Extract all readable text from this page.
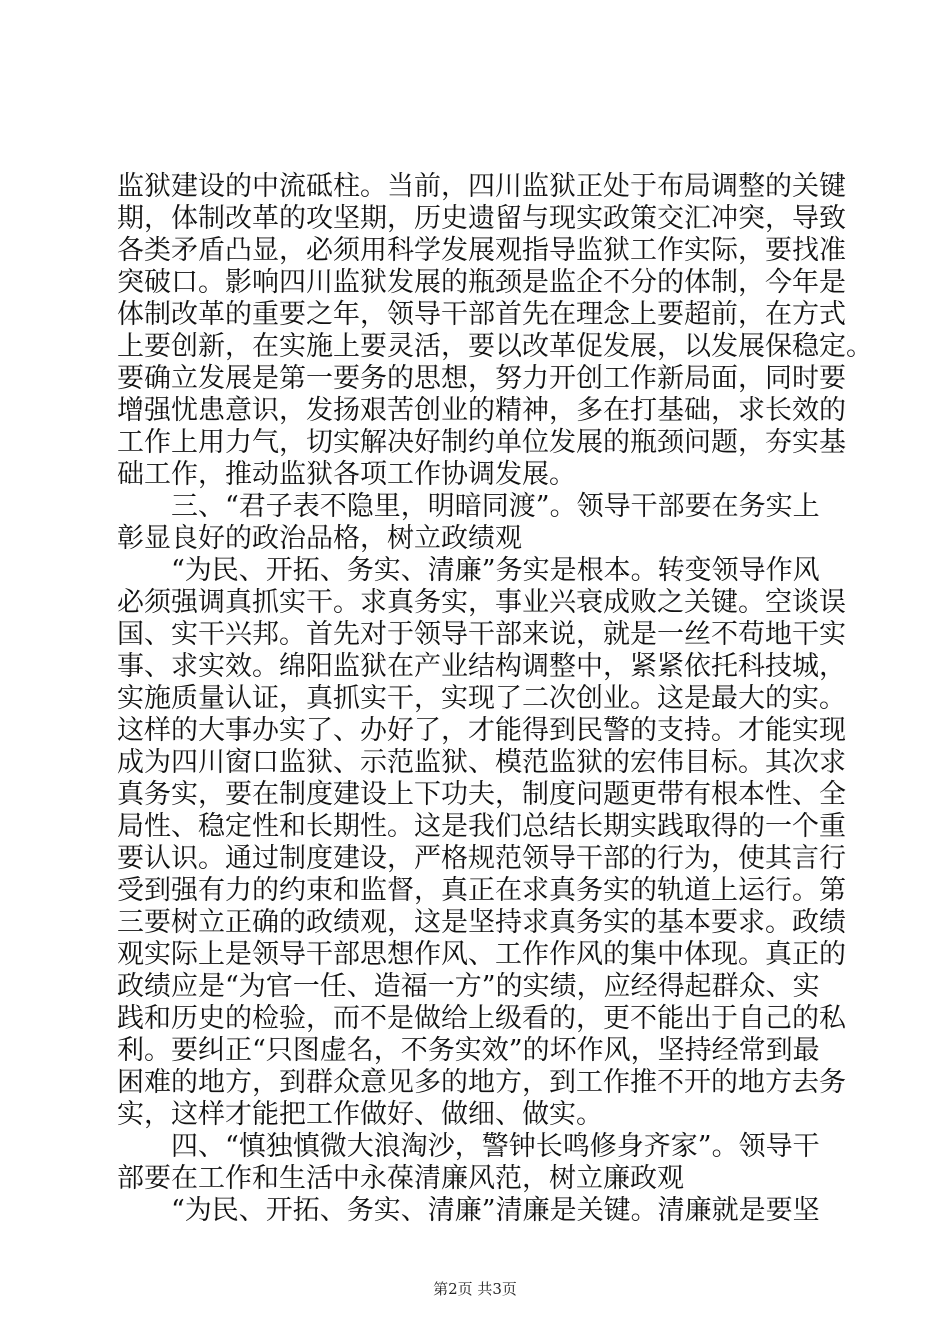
监狱建设的中流砥柱。当前，四川监狱正处于布局调整的关键
期，体制改革的攻坚期，历史遗留与现实政策交汇冲突，导致
各类矛盾凸显，必须用科学发展观指导监狱工作实际，要找准
突破口。影响四川监狱发展的瓶颈是监企不分的体制，今年是
体制改革的重要之年，领导干部首先在理念上要超前，在方式
上要创新，在实施上要灵活，要以改革促发展，以发展保稳定。
要确立发展是第一要务的思想，努力开创工作新局面，同时要
增强忧患意识，发扬艰苦创业的精神，多在打基础，求长效的
工作上用力气，切实解决好制约单位发展的瓶颈问题，夯实基
础工作，推动监狱各项工作协调发展。
三、“君子表不隐里，明暗同渡”。领导干部要在务实上
彰显良好的政治品格，树立政绩观
“为民、开拓、务实、清廉”务实是根本。转变领导作风
必须强调真抓实干。求真务实，事业兴衰成败之关键。空谈误
国、实干兴邦。首先对于领导干部来说，就是一丝不苟地干实
事、求实效。绵阳监狱在产业结构调整中，紧紧依托科技城，
实施质量认证，真抓实干，实现了二次创业。这是最大的实。
这样的大事办实了、办好了，才能得到民警的支持。才能实现
成为四川窗口监狱、示范监狱、模范监狱的宏伟目标。其次求
真务实，要在制度建设上下功夫，制度问题更带有根本性、全
局性、稳定性和长期性。这是我们总结长期实践取得的一个重
要认识。通过制度建设，严格规范领导干部的行为，使其言行
受到强有力的约束和监督，真正在求真务实的轨道上运行。第
三要树立正确的政绩观，这是坚持求真务实的基本要求。政绩
观实际上是领导干部思想作风、工作作风的集中体现。真正的
政绩应是“为官一任、造福一方”的实绩，应经得起群众、实
践和历史的检验，而不是做给上级看的，更不能出于自己的私
利。要纠正“只图虚名，不务实效”的坏作风，坚持经常到最
困难的地方，到群众意见多的地方，到工作推不开的地方去务
实，这样才能把工作做好、做细、做实。
四、“慎独慎微大浪淘沙，警钟长鸣修身齐家”。领导干
部要在工作和生活中永葆清廉风范，树立廉政观
“为民、开拓、务实、清廉”清廉是关键。清廉就是要坚
第2页 共3页
